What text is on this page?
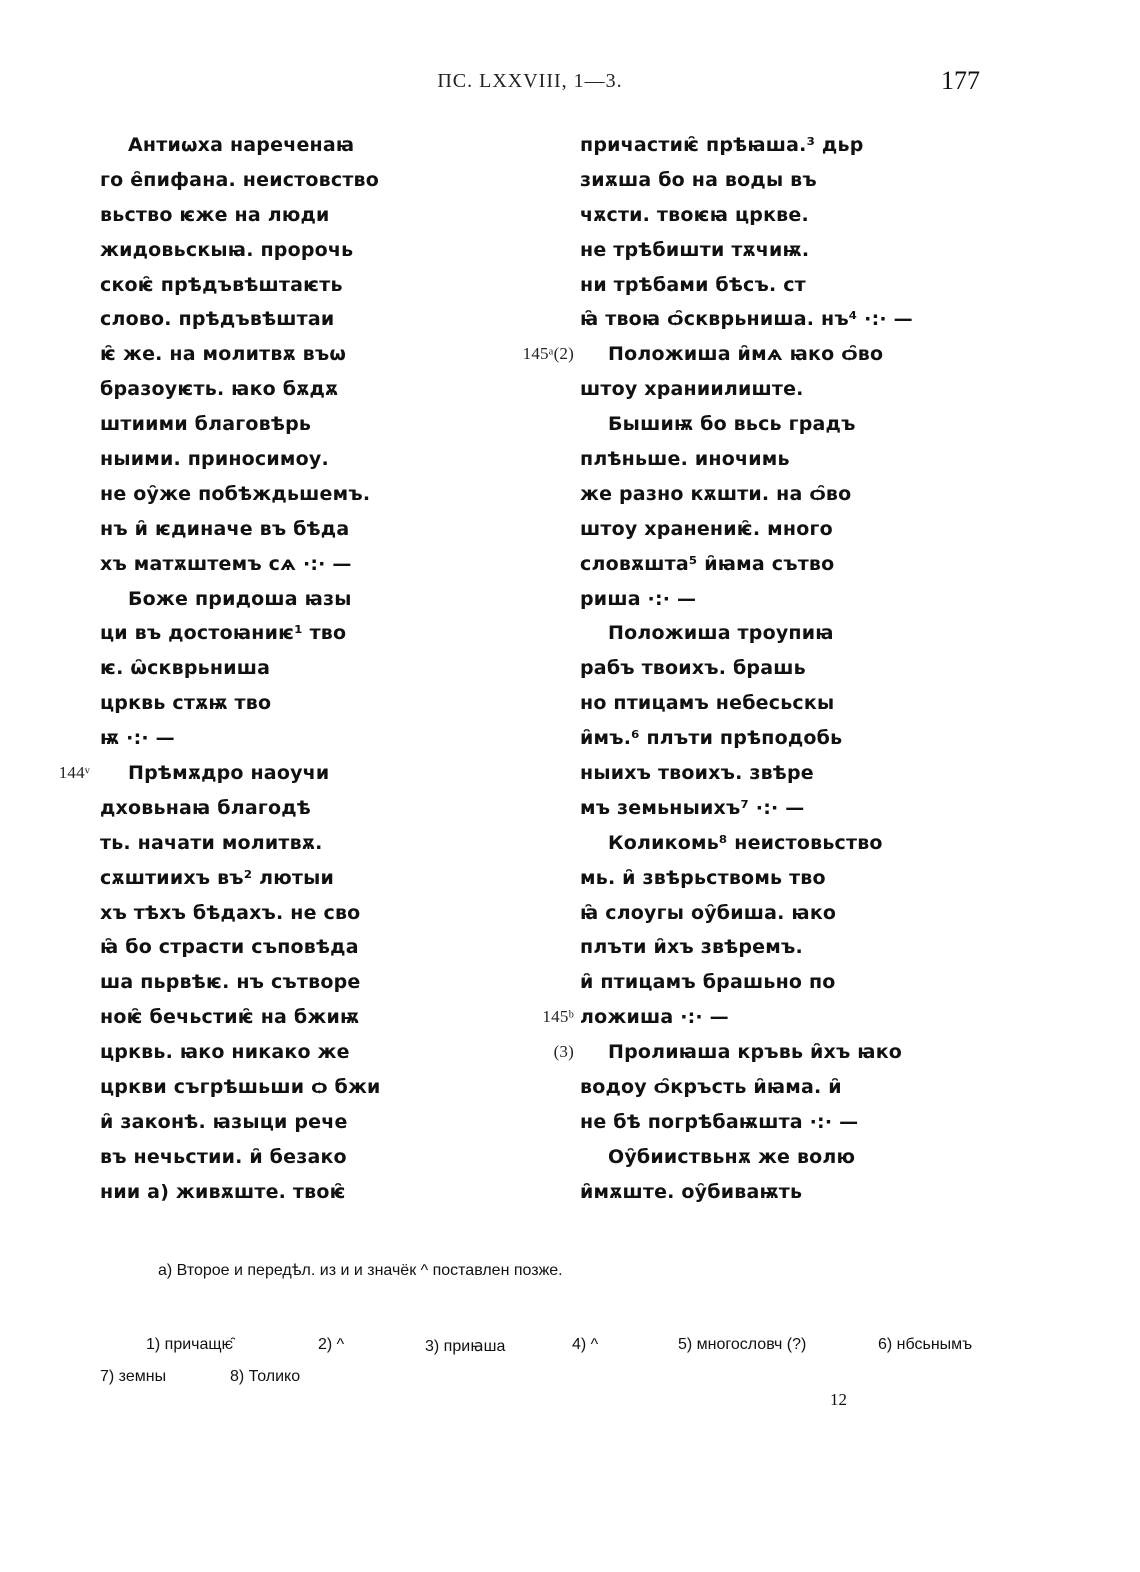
ПС. LXXVIII, 1—3.	177
Антиωха нареченаꙗ
го е̑пифана. неистовство
вьство ѥже на люди
жидовьскыꙗ. пророчь
скоѥ̑ прѣдъвѣштаѥть
слово. прѣдъвѣштаи
ѥ̑ же. на молитвѫ въѡ
бразоуѥть. ꙗко бѫдѫ
штиими благовѣрь
ныими. приносимоу.
не оу̑же побѣждьшемъ.
нъ и̑ ѥдиначе въ бѣда
хъ матѫштемъ сѧ ·:· —
Боже придоша ꙗзы
ци въ достоꙗниѥ¹ тво
ѥ. ѡ̑скврьниша
црквь стѫѭ тво
ѭ ·:· —
144ᵛ Прѣмѫдро наоучи
дховьнаꙗ благодѣ
ть. начати молитвѫ.
сѫштиихъ въ² лютыи
хъ тѣхъ бѣдахъ. не сво
ꙗ̑ бо страсти съповѣда
ша пьрвѣѥ. нъ сътворе
ноѥ̑ бечьстиѥ̑ на бжиѭ
црквь. ꙗко никако же
цркви съгрѣшьши ѻ бжи
и̑ законѣ. ꙗзыци рече
въ нечьстии. и̑ безако
нии а) живѫште. твоѥ̑
причастиѥ̑ прѣꙗша.³ дьр
зиѫша бо на воды въ
чѫсти. твоѥꙗ цркве.
не трѣбишти тѫчиѭ.
ни трѣбами бѣсъ. ст
ꙗ̑ твоꙗ ѻ̑скврьниша. нъ⁴ ·:· —
145ᵃ(2) Положиша и̑мѧ ꙗко ѻ̑во
штоу храниилиште.
Бышиѭ бо вьсь градъ
плѣньше. иночимь
же разно кѫшти. на ѻ̑во
штоу хранениѥ̑. много
словѫшта⁵ и̑ꙗма сътво
риша ·:· —
Положиша троупиꙗ
рабъ твоихъ. брашь
но птицамъ небесьскы
и̑мъ.⁶ плъти прѣподобь
ныихъ твоихъ. звѣре
мъ земьныихъ⁷ ·:· —
Коликомь⁸ неистовьство
мь. и̑ звѣрьствомь тво
ꙗ̑ слоугы оу̑биша. ꙗко
плъти и̑хъ звѣремъ.
и̑ птицамъ брашьно по
145ᵇ ложиша ·:· —
(3) Пролиꙗша кръвь и̑хъ ꙗко
водоу ѻ̑кръсть и̑ꙗма. и̑
не бѣ погрѣбаѭшта ·:· —
Оу̑бииствьнѫ же волю
и̑мѫште. оу̑биваѭть
а) Второе и передѣл. из и и значёк ^ поставлен позже.
1) причащѥ̑	2) ^	3) приꙗша	4) ^	5) многословч (?)	6) нбсьнымъ
7) земны	8) Толико
12
